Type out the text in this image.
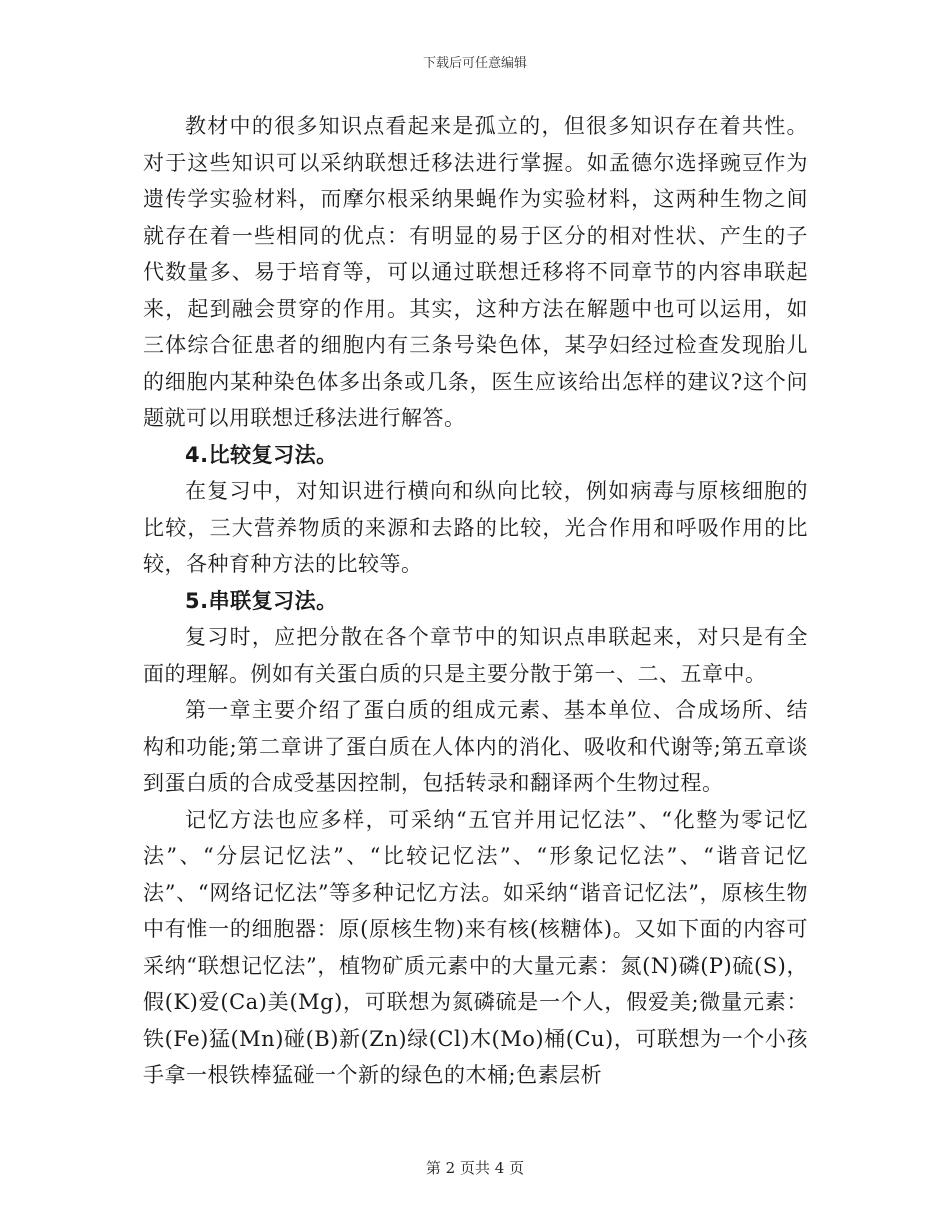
下载后可任意编辑

教材中的很多知识点看起来是孤立的，但很多知识存在着共性。对于这些知识可以采纳联想迁移法进行掌握。如孟德尔选择豌豆作为遗传学实验材料，而摩尔根采纳果蝇作为实验材料，这两种生物之间就存在着一些相同的优点：有明显的易于区分的相对性状、产生的子代数量多、易于培育等，可以通过联想迁移将不同章节的内容串联起来，起到融会贯穿的作用。其实，这种方法在解题中也可以运用，如三体综合征患者的细胞内有三条号染色体，某孕妇经过检查发现胎儿的细胞内某种染色体多出条或几条，医生应该给出怎样的建议?这个问题就可以用联想迁移法进行解答。

4.比较复习法。

在复习中，对知识进行横向和纵向比较，例如病毒与原核细胞的比较，三大营养物质的来源和去路的比较，光合作用和呼吸作用的比较，各种育种方法的比较等。

5.串联复习法。

复习时，应把分散在各个章节中的知识点串联起来，对只是有全面的理解。例如有关蛋白质的只是主要分散于第一、二、五章中。

第一章主要介绍了蛋白质的组成元素、基本单位、合成场所、结构和功能;第二章讲了蛋白质在人体内的消化、吸收和代谢等;第五章谈到蛋白质的合成受基因控制，包括转录和翻译两个生物过程。

记忆方法也应多样，可采纳“五官并用记忆法”、“化整为零记忆法”、“分层记忆法”、“比较记忆法”、“形象记忆法”、“谐音记忆法”、“网络记忆法”等多种记忆方法。如采纳“谐音记忆法”，原核生物中有惟一的细胞器：原(原核生物)来有核(核糖体)。又如下面的内容可采纳“联想记忆法”，植物矿质元素中的大量元素：氮(N)磷(P)硫(S)，假(K)爱(Ca)美(Mg)，可联想为氮磷硫是一个人，假爱美;微量元素：铁(Fe)猛(Mn)碰(B)新(Zn)绿(Cl)木(Mo)桶(Cu)，可联想为一个小孩手拿一根铁棒猛碰一个新的绿色的木桶;色素层析

第 2 页共 4 页
